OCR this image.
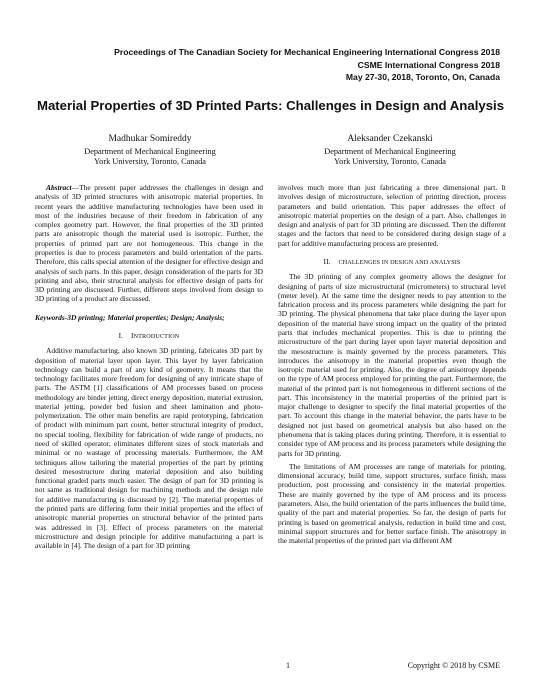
Proceedings of The Canadian Society for Mechanical Engineering International Congress 2018
CSME International Congress 2018
May 27-30, 2018, Toronto, On, Canada
Material Properties of 3D Printed Parts: Challenges in Design and Analysis
Madhukar Somireddy
Department of Mechanical Engineering
York University, Toronto, Canada
Aleksander Czekanski
Department of Mechanical Engineering
York University, Toronto, Canada

Abstract—The present paper addresses the challenges in design and analysis of 3D printed structures with anisotropic material properties. In recent years the additive manufacturing technologies have been used in most of the industries because of their freedom in fabrication of any complex geometry part. However, the final properties of the 3D printed parts are anisotropic though the material used is isotropic. Further, the properties of printed part are not homogeneous. This change in the properties is due to process parameters and build orientation of the parts. Therefore, this calls special attention of the designer for effective design and analysis of such parts. In this paper, design consideration of the parts for 3D printing and also, their structural analysis for effective design of parts for 3D printing are discussed. Further, different steps involved from design to 3D printing of a product are discussed.

Keywords-3D printing; Material properties; Design; Analysis;

I. INTRODUCTION

Additive manufacturing, also known 3D printing, fabricates 3D part by deposition of material layer upon layer. This layer by layer fabrication technology can build a part of any kind of geometry. It means that the technology facilitates more freedom for designing of any intricate shape of parts. The ASTM [1] classifications of AM processes based on process methodology are binder jetting, direct energy deposition, material extrusion, material jetting, powder bed fusion and sheet lamination and photo-polymerization. The other main benefits are rapid prototyping, fabrication of product with minimum part count, better structural integrity of product, no special tooling, flexibility for fabrication of wide range of products, no need of skilled operator, eliminates different sizes of stock materials and minimal or no wastage of processing materials. Furthermore, the AM techniques allow tailoring the material properties of the part by printing desired mesostructure during material deposition and also building functional graded parts much easier. The design of part for 3D printing is not same as traditional design for machining methods and the design rule for additive manufacturing is discussed by [2]. The material properties of the printed parts are differing form their initial properties and the effect of anisotropic material properties on structural behavior of the printed parts was addressed in [3]. Effect of process parameters on the material microstructure and design principle for additive manufacturing a part is available in [4]. The design of a part for 3D printing

involves much more than just fabricating a three dimensional part. It involves design of microstructure, selection of printing direction, process parameters and build orientation. This paper addresses the effect of anisotropic material properties on the design of a part. Also, challenges in design and analysis of part for 3D printing are discussed. Then the different stages and the factors that need to be considered during design stage of a part for additive manufacturing process are presented.

II. CHALLENGES IN DESIGN AND ANALYSIS

The 3D printing of any complex geometry allows the designer for designing of parts of size microstructural (micrometers) to structural level (meter level). At the same time the designer needs to pay attention to the fabrication process and its process parameters while designing the part for 3D printing. The physical phenomena that take place during the layer upon deposition of the material have strong impact on the quality of the printed parts that includes mechanical properties. This is due to printing the microstructure of the part during layer upon layer material deposition and the mesostructure is mainly governed by the process parameters. This introduces the anisotropy in the material properties even though the isotropic material used for printing. Also, the degree of anisotropy depends on the type of AM process employed for printing the part. Furthermore, the material of the printed part is not homogeneous in different sections of the part. This inconsistency in the material properties of the printed part is major challenge to designer to specify the final material properties of the part. To account this change in the material behavior, the parts have to be designed not just based on geometrical analysis but also based on the phenomena that is taking places during printing. Therefore, it is essential to consider type of AM process and its process parameters while designing the parts for 3D printing.

The limitations of AM processes are range of materials for printing, dimensional accuracy, build time, support structures, surface finish, mass production, post processing and consistency in the material properties. These are mainly governed by the type of AM process and its process parameters. Also, the build orientation of the parts influences the build time, quality of the part and material properties. So far, the design of parts for printing is based on geometrical analysis, reduction in build time and cost, minimal support structures and for better surface finish. The anisotropy in the material properties of the printed part via different AM

1	Copyright © 2018 by CSME
